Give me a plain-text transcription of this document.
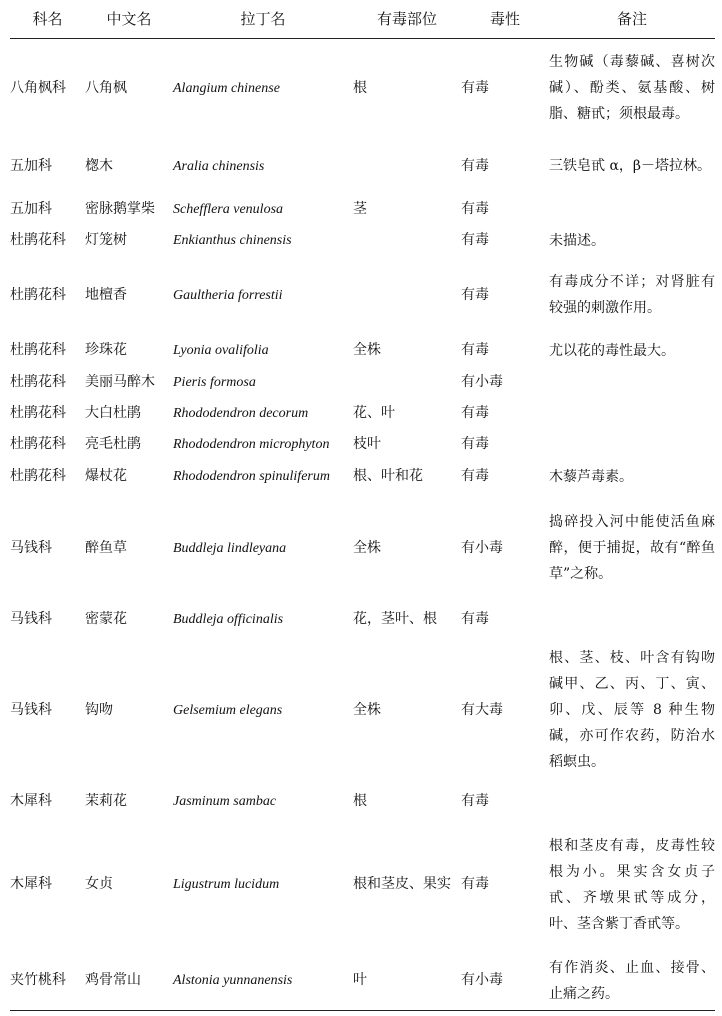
科名	中文名	拉丁名	有毒部位	毒性	备注
八角枫科	八角枫	Alangium chinense	根	有毒	生物碱（毒藜碱、喜树次碱）、酚类、氨基酸、树脂、糖甙；须根最毒。
五加科	楤木	Aralia chinensis		有毒	三铁皂甙 α，β－塔拉林。
五加科	密脉鹅掌柴	Schefflera venulosa	茎	有毒	
杜鹃花科	灯笼树	Enkianthus chinensis		有毒	未描述。
杜鹃花科	地檀香	Gaultheria forrestii		有毒	有毒成分不详；对肾脏有较强的刺激作用。
杜鹃花科	珍珠花	Lyonia ovalifolia	全株	有毒	尤以花的毒性最大。
杜鹃花科	美丽马醉木	Pieris formosa		有小毒	
杜鹃花科	大白杜鹃	Rhododendron decorum	花、叶	有毒	
杜鹃花科	亮毛杜鹃	Rhododendron microphyton	枝叶	有毒	
杜鹃花科	爆杖花	Rhododendron spinuliferum	根、叶和花	有毒	木藜芦毒素。
马钱科	醉鱼草	Buddleja lindleyana	全株	有小毒	捣碎投入河中能使活鱼麻醉，便于捕捉，故有“醉鱼草”之称。
马钱科	密蒙花	Buddleja officinalis	花，茎叶、根	有毒	
马钱科	钩吻	Gelsemium elegans	全株	有大毒	根、茎、枝、叶含有钩吻碱甲、乙、丙、丁、寅、卯、戊、辰等 8 种生物碱，亦可作农药，防治水稻螟虫。
木犀科	茉莉花	Jasminum sambac	根	有毒	
木犀科	女贞	Ligustrum lucidum	根和茎皮、果实	有毒	根和茎皮有毒，皮毒性较根为小。果实含女贞子甙、齐墩果甙等成分，叶、茎含紫丁香甙等。
夹竹桃科	鸡骨常山	Alstonia yunnanensis	叶	有小毒	有作消炎、止血、接骨、止痛之药。
